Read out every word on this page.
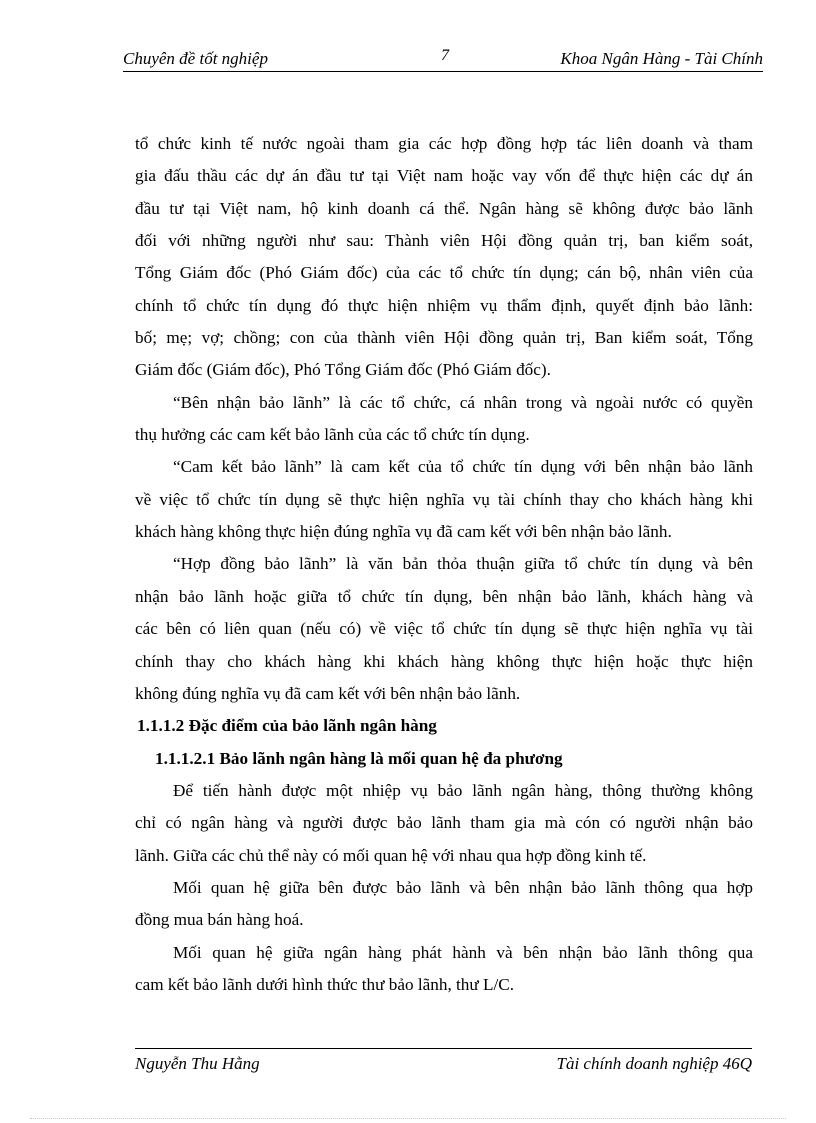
Chuyên đề tốt nghiệp	7	Khoa Ngân Hàng - Tài Chính
tổ chức kinh tế nước ngoài tham gia các hợp đồng hợp tác liên doanh và tham
gia đấu thầu các dự án đầu tư tại Việt nam hoặc vay vốn để thực hiện các dự án
đầu tư tại Việt nam, hộ kinh doanh cá thể. Ngân hàng sẽ không được bảo lãnh
đối với những người như sau: Thành viên Hội đồng quản trị, ban kiểm soát,
Tổng Giám đốc (Phó Giám đốc) của các tổ chức tín dụng; cán bộ, nhân viên của
chính tổ chức tín dụng đó thực hiện nhiệm vụ thẩm định, quyết định bảo lãnh:
bố; mẹ; vợ; chồng; con của thành viên Hội đồng quản trị, Ban kiểm soát, Tổng
Giám đốc (Giám đốc), Phó Tổng Giám đốc (Phó Giám đốc).
“Bên nhận bảo lãnh” là các tổ chức, cá nhân trong và ngoài nước có quyền
thụ hưởng các cam kết bảo lãnh của các tổ chức tín dụng.
“Cam kết bảo lãnh” là cam kết của tổ chức tín dụng với bên nhận bảo lãnh
về việc tổ chức tín dụng sẽ thực hiện nghĩa vụ tài chính thay cho khách hàng khi
khách hàng không thực hiện đúng nghĩa vụ đã cam kết với bên nhận bảo lãnh.
“Hợp đồng bảo lãnh” là văn bản thỏa thuận giữa tổ chức tín dụng và bên
nhận bảo lãnh hoặc giữa tổ chức tín dụng, bên nhận bảo lãnh, khách hàng và
các bên có liên quan (nếu có) về việc tổ chức tín dụng sẽ thực hiện nghĩa vụ tài
chính thay cho khách hàng khi khách hàng không thực hiện hoặc thực hiện
không đúng nghĩa vụ đã cam kết với bên nhận bảo lãnh.
1.1.1.2 Đặc điểm của bảo lãnh ngân hàng
1.1.1.2.1 Bảo lãnh ngân hàng là mối quan hệ đa phương
Để tiến hành được một nhiệp vụ bảo lãnh ngân hàng, thông thường không
chỉ có ngân hàng và người được bảo lãnh tham gia mà cón có người nhận bảo
lãnh. Giữa các chủ thể này có mối quan hệ với nhau qua hợp đồng kinh tế.
Mối quan hệ giữa bên được bảo lãnh và bên nhận bảo lãnh thông qua hợp
đồng mua bán hàng hoá.
Mối quan hệ giữa ngân hàng phát hành và bên nhận bảo lãnh thông qua
cam kết bảo lãnh dưới hình thức thư bảo lãnh, thư L/C.
Nguyễn Thu Hằng	Tài chính doanh nghiệp 46Q
